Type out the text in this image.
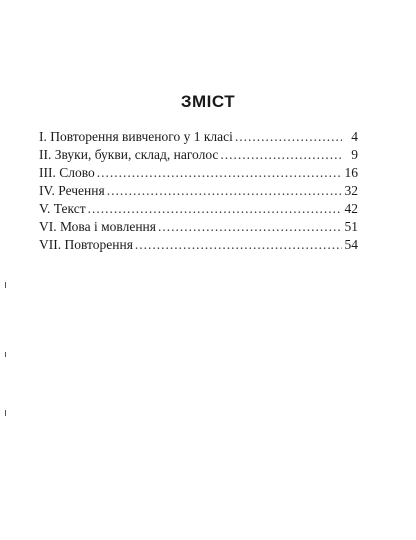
ЗМІСТ
І. Повторення вивченого у 1 класі .....	4
ІІ. Звуки, букви, склад, наголос .....	9
ІІІ. Слово .....	16
IV. Речення .....	32
V. Текст .....	42
VI. Мова і мовлення .....	51
VII. Повторення .....	54
